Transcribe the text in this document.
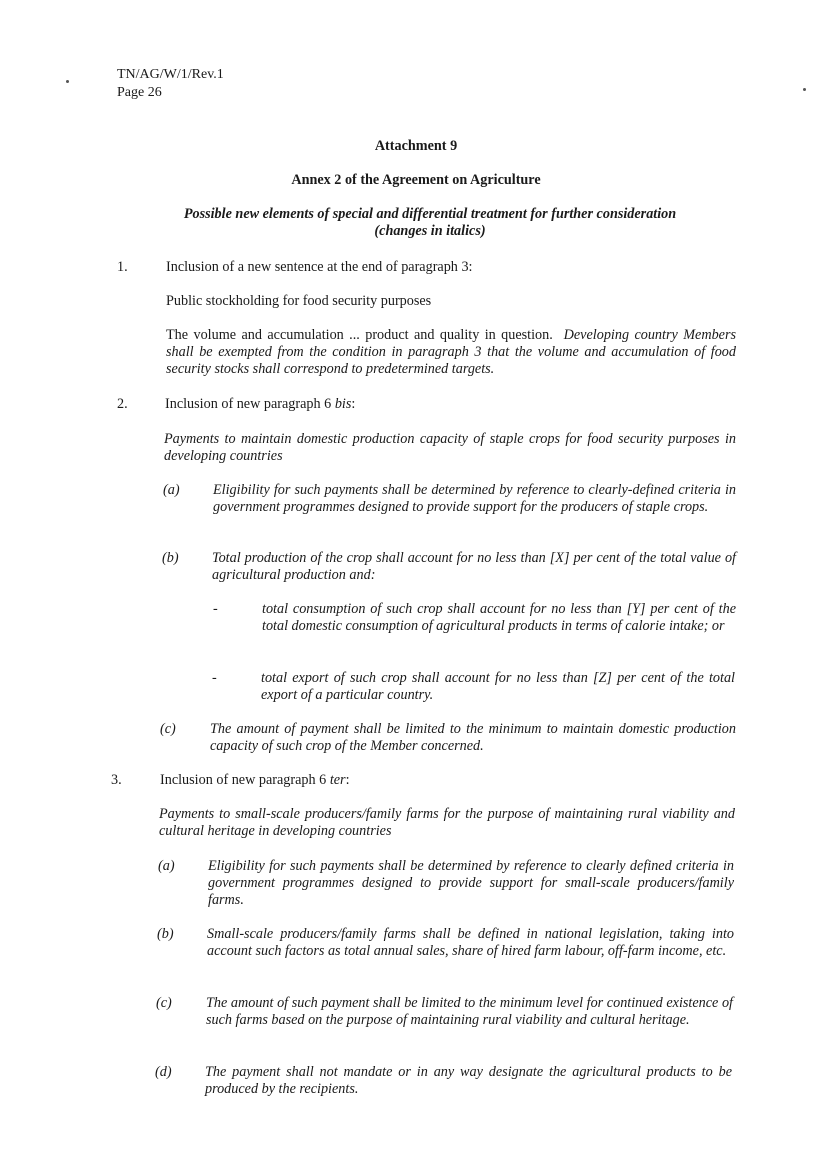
TN/AG/W/1/Rev.1
Page 26
Attachment 9
Annex 2 of the Agreement on Agriculture
Possible new elements of special and differential treatment for further consideration
(changes in italics)
1.	Inclusion of a new sentence at the end of paragraph 3:
Public stockholding for food security purposes
The volume and accumulation ... product and quality in question. Developing country Members shall be exempted from the condition in paragraph 3 that the volume and accumulation of food security stocks shall correspond to predetermined targets.
2.	Inclusion of new paragraph 6 bis:
Payments to maintain domestic production capacity of staple crops for food security purposes in developing countries
(a) Eligibility for such payments shall be determined by reference to clearly-defined criteria in government programmes designed to provide support for the producers of staple crops.
(b) Total production of the crop shall account for no less than [X] per cent of the total value of agricultural production and:
-	total consumption of such crop shall account for no less than [Y] per cent of the total domestic consumption of agricultural products in terms of calorie intake; or
-	total export of such crop shall account for no less than [Z] per cent of the total export of a particular country.
(c) The amount of payment shall be limited to the minimum to maintain domestic production capacity of such crop of the Member concerned.
3.	Inclusion of new paragraph 6 ter:
Payments to small-scale producers/family farms for the purpose of maintaining rural viability and cultural heritage in developing countries
(a) Eligibility for such payments shall be determined by reference to clearly defined criteria in government programmes designed to provide support for small-scale producers/family farms.
(b) Small-scale producers/family farms shall be defined in national legislation, taking into account such factors as total annual sales, share of hired farm labour, off-farm income, etc.
(c) The amount of such payment shall be limited to the minimum level for continued existence of such farms based on the purpose of maintaining rural viability and cultural heritage.
(d) The payment shall not mandate or in any way designate the agricultural products to be produced by the recipients.
